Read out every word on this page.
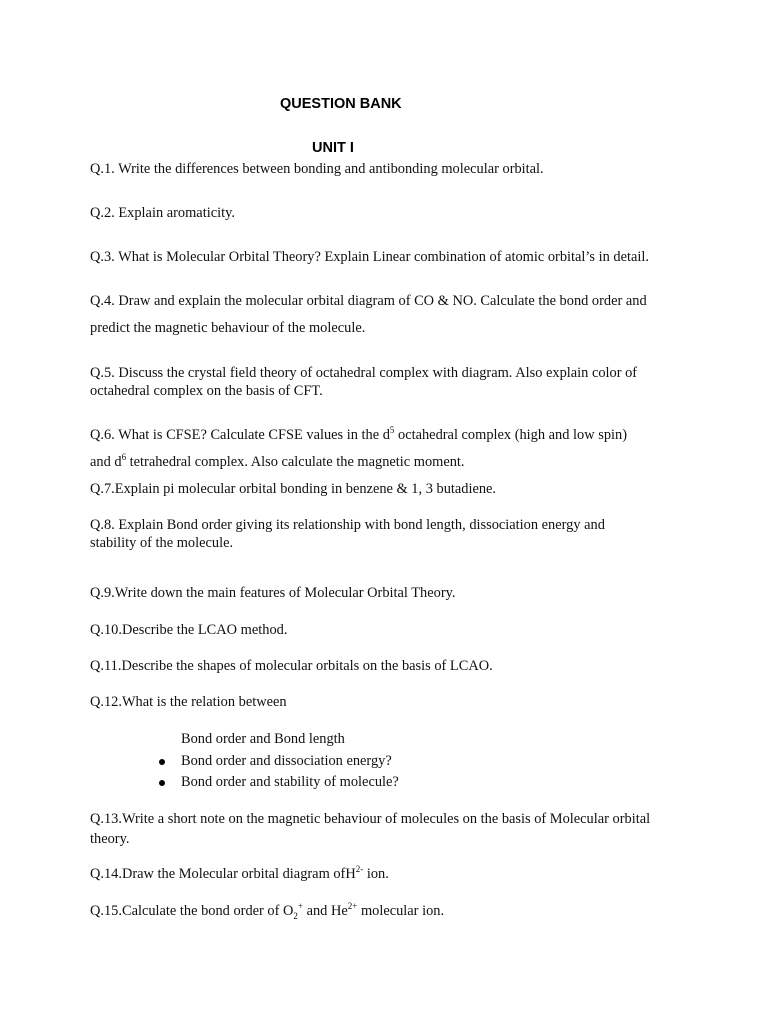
QUESTION BANK
UNIT I
Q.1. Write the differences between bonding and antibonding molecular orbital.
Q.2. Explain aromaticity.
Q.3. What is Molecular Orbital Theory? Explain Linear combination of atomic orbital’s in detail.
Q.4. Draw and explain the molecular orbital diagram of CO & NO. Calculate the bond order and
predict the magnetic behaviour of the molecule.
Q.5. Discuss the crystal field theory of octahedral complex with diagram. Also explain color of
octahedral complex on the basis of CFT.
Q.6. What is CFSE? Calculate CFSE values in the $d^5$ octahedral complex (high and low spin)
and $d^6$ tetrahedral complex. Also calculate the magnetic moment.
Q.7.Explain pi molecular orbital bonding in benzene & 1, 3 butadiene.
Q.8. Explain Bond order giving its relationship with bond length, dissociation energy and
stability of the molecule.
Q.9.Write down the main features of Molecular Orbital Theory.
Q.10.Describe the LCAO method.
Q.11.Describe the shapes of molecular orbitals on the basis of LCAO.
Q.12.What is the relation between
Bond order and Bond length
Bond order and dissociation energy?
Bond order and stability of molecule?
Q.13.Write a short note on the magnetic behaviour of molecules on the basis of Molecular orbital
theory.
Q.14.Draw the Molecular orbital diagram ofH$^{2-}$ ion.
Q.15.Calculate the bond order of $O_2^+$ and $He^{2+}$ molecular ion.
